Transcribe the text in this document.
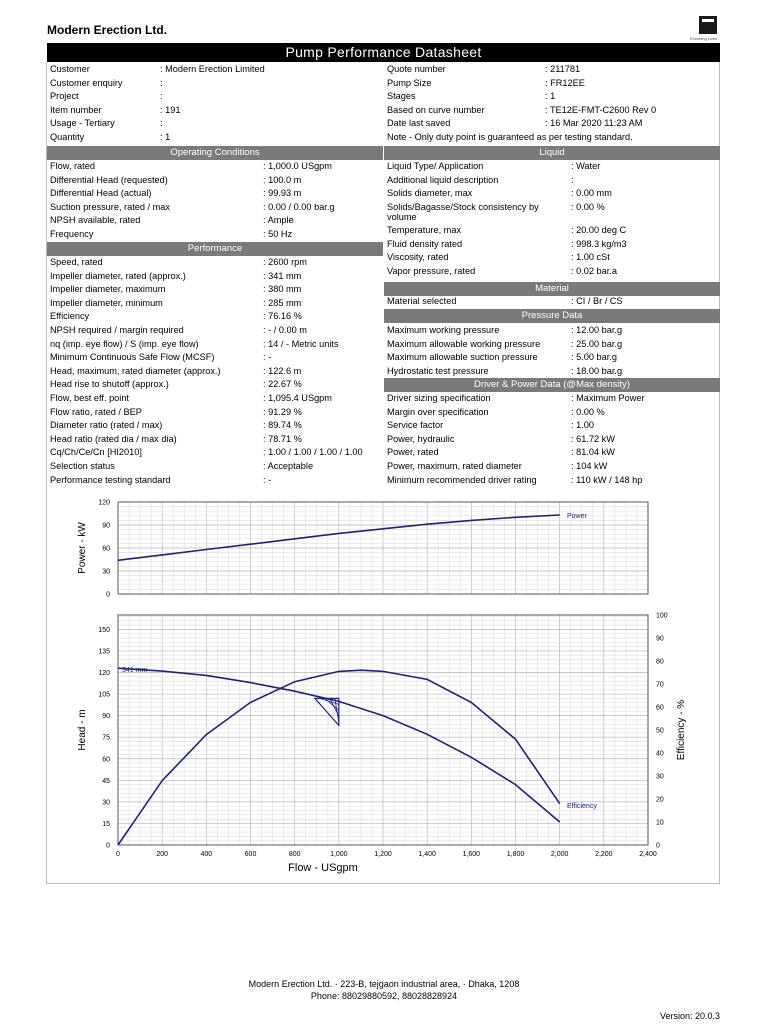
Modern Erection Ltd.
Enriching Lives
Pump Performance Datasheet
Customer	: Modern Erection Limited
Customer enquiry	:
Project	:
Item number	: 191
Usage - Tertiary	:
Quantity	: 1
Quote number	: 211781
Pump Size	: FR12EE
Stages	: 1
Based on curve number	: TE12E-FMT-C2600 Rev 0
Date last saved	: 16 Mar 2020 11:23 AM
Note - Only duty point is guaranteed as per testing standard.
Operating Conditions
Flow, rated	: 1,000.0 USgpm
Differential Head (requested)	: 100.0 m
Differential Head (actual)	: 99.93 m
Suction pressure, rated / max	: 0.00 / 0.00 bar.g
NPSH available, rated	: Ample
Frequency	: 50 Hz
Performance
Speed, rated	: 2600 rpm
Impeller diameter, rated (approx.)	: 341 mm
Impeller diameter, maximum	: 380 mm
Impeller diameter, minimum	: 285 mm
Efficiency	: 76.16 %
NPSH required / margin required	: - / 0.00 m
nq (imp. eye flow) / S (imp. eye flow)	: 14 / - Metric units
Minimum Continuous Safe Flow (MCSF)	: -
Head, maximum, rated diameter (approx.)	: 122.6 m
Head rise to shutoff (approx.)	: 22.67 %
Flow, best eff. point	: 1,095.4 USgpm
Flow ratio, rated / BEP	: 91.29 %
Diameter ratio (rated / max)	: 89.74 %
Head ratio (rated dia / max dia)	: 78.71 %
Cq/Ch/Ce/Cn [HI2010]	: 1.00 / 1.00 / 1.00 / 1.00
Selection status	: Acceptable
Performance testing standard	: -
Liquid
Liquid Type/ Application	: Water
Additional liquid description	:
Solids diameter, max	: 0.00 mm
Solids/Bagasse/Stock consistency by	: 0.00 %
volume
Temperature, max	: 20.00 deg C
Fluid density rated	: 998.3 kg/m3
Viscosity, rated	: 1.00 cSt
Vapor pressure, rated	: 0.02 bar.a
Material
Material selected	: CI / Br / CS
Pressure Data
Maximum working pressure	: 12.00 bar.g
Maximum allowable working pressure	: 25.00 bar.g
Maximum allowable suction pressure	: 5.00 bar.g
Hydrostatic test pressure	: 18.00 bar.g
Driver & Power Data (@Max density)
Driver sizing specification	: Maximum Power
Margin over specification	: 0.00 %
Service factor	: 1.00
Power, hydraulic	: 61.72 kW
Power, rated	: 81.04 kW
Power, maximum, rated diameter	: 104 kW
Minimum recommended driver rating	: 110 kW / 148 hp
0
30
60
90
120
Power
Power - kW
0
15
30
45
60
75
90
105
120
135
150
0
10
20
30
40
50
60
70
80
90
100
0	200	400	600	800	1,000	1,200	1,400	1,600	1,800	2,000	2,200	2,400
341 mm
Efficiency
Flow - USgpm
Head - m	Efficiency - %
Modern Erection Ltd. · 223-B, tejgaon industrial area, · Dhaka, 1208
Phone: 88029880592, 88028828924
Version: 20.0.3
